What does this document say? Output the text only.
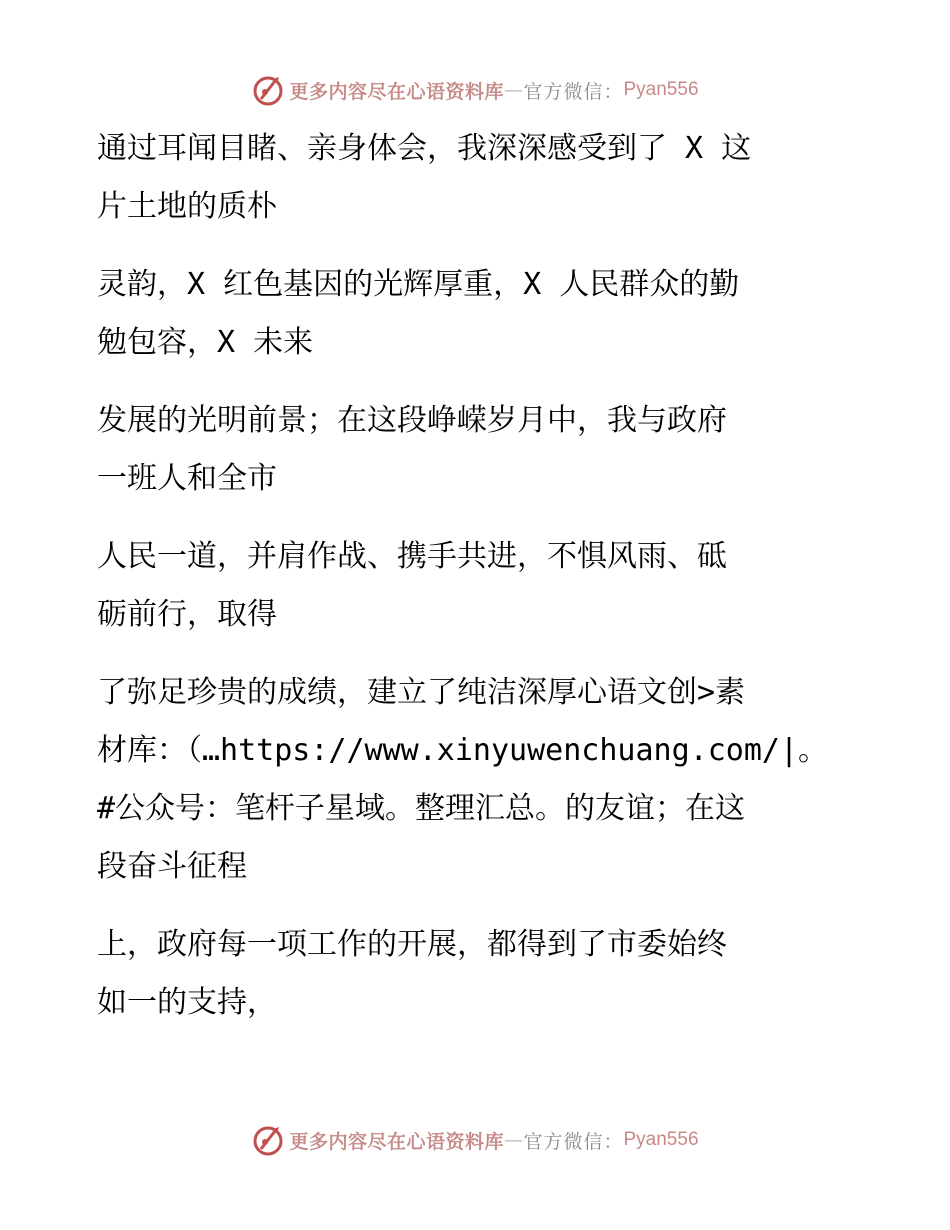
更多内容尽在心语资料库 — 官方微信： Pyan556
通过耳闻目睹、亲身体会，我深深感受到了 X 这
片土地的质朴
灵韵，X 红色基因的光辉厚重，X 人民群众的勤
勉包容，X 未来
发展的光明前景；在这段峥嵘岁月中，我与政府
一班人和全市
人民一道，并肩作战、携手共进，不惧风雨、砥
砺前行，取得
了弥足珍贵的成绩，建立了纯洁深厚心语文创>素
材库：（…https://www.xinyuwenchuang.com/|。
#公众号：笔杆子星域。整理汇总。的友谊；在这
段奋斗征程
上，政府每一项工作的开展，都得到了市委始终
如一的支持，
更多内容尽在心语资料库 — 官方微信： Pyan556
